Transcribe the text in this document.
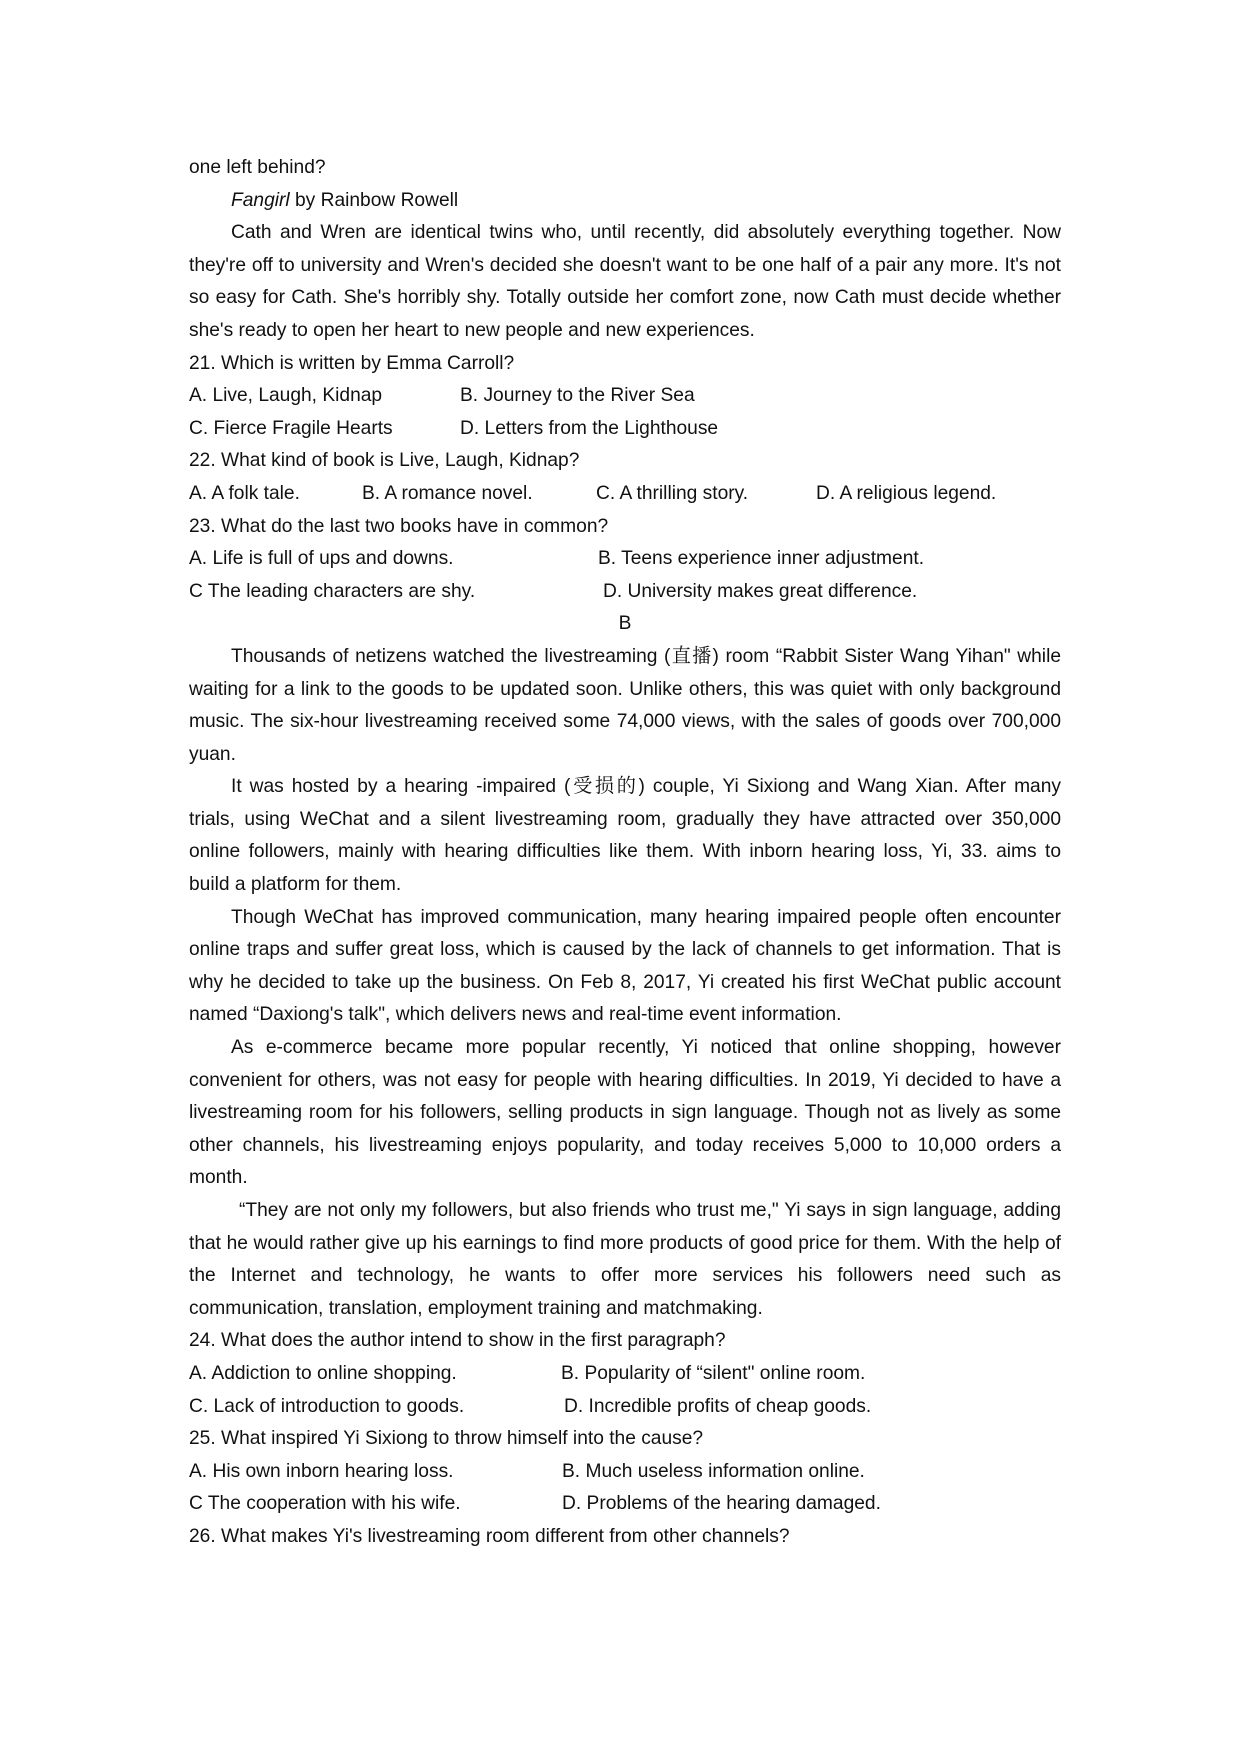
one left behind?
Fangirl by Rainbow Rowell

Cath and Wren are identical twins who, until recently, did absolutely everything together. Now they're off to university and Wren's decided she doesn't want to be one half of a pair any more. It's not so easy for Cath. She's horribly shy. Totally outside her comfort zone, now Cath must decide whether she's ready to open her heart to new people and new experiences.

21. Which is written by Emma Carroll?
A. Live, Laugh, Kidnap	B. Journey to the River Sea
C. Fierce Fragile Hearts	D. Letters from the Lighthouse
22. What kind of book is Live, Laugh, Kidnap?
A. A folk tale.	B. A romance novel.	C. A thrilling story.	D. A religious legend.
23. What do the last two books have in common?
A. Life is full of ups and downs.	B. Teens experience inner adjustment.
C The leading characters are shy.	D. University makes great difference.
B

Thousands of netizens watched the livestreaming (直播) room “Rabbit Sister Wang Yihan" while waiting for a link to the goods to be updated soon. Unlike others, this was quiet with only background music. The six-hour livestreaming received some 74,000 views, with the sales of goods over 700,000 yuan.

It was hosted by a hearing -impaired (受损的) couple, Yi Sixiong and Wang Xian. After many trials, using WeChat and a silent livestreaming room, gradually they have attracted over 350,000 online followers, mainly with hearing difficulties like them. With inborn hearing loss, Yi, 33. aims to build a platform for them.

Though WeChat has improved communication, many hearing impaired people often encounter online traps and suffer great loss, which is caused by the lack of channels to get information. That is why he decided to take up the business. On Feb 8, 2017, Yi created his first WeChat public account named “Daxiong's talk", which delivers news and real-time event information.

As e-commerce became more popular recently, Yi noticed that online shopping, however convenient for others, was not easy for people with hearing difficulties. In 2019, Yi decided to have a livestreaming room for his followers, selling products in sign language. Though not as lively as some other channels, his livestreaming enjoys popularity, and today receives 5,000 to 10,000 orders a month.

“They are not only my followers, but also friends who trust me," Yi says in sign language, adding that he would rather give up his earnings to find more products of good price for them. With the help of the Internet and technology, he wants to offer more services his followers need such as communication, translation, employment training and matchmaking.

24. What does the author intend to show in the first paragraph?
A. Addiction to online shopping.	B. Popularity of “silent" online room.
C. Lack of introduction to goods.	D. Incredible profits of cheap goods.
25. What inspired Yi Sixiong to throw himself into the cause?
A. His own inborn hearing loss.	B. Much useless information online.
C The cooperation with his wife.	D. Problems of the hearing damaged.
26. What makes Yi's livestreaming room different from other channels?
